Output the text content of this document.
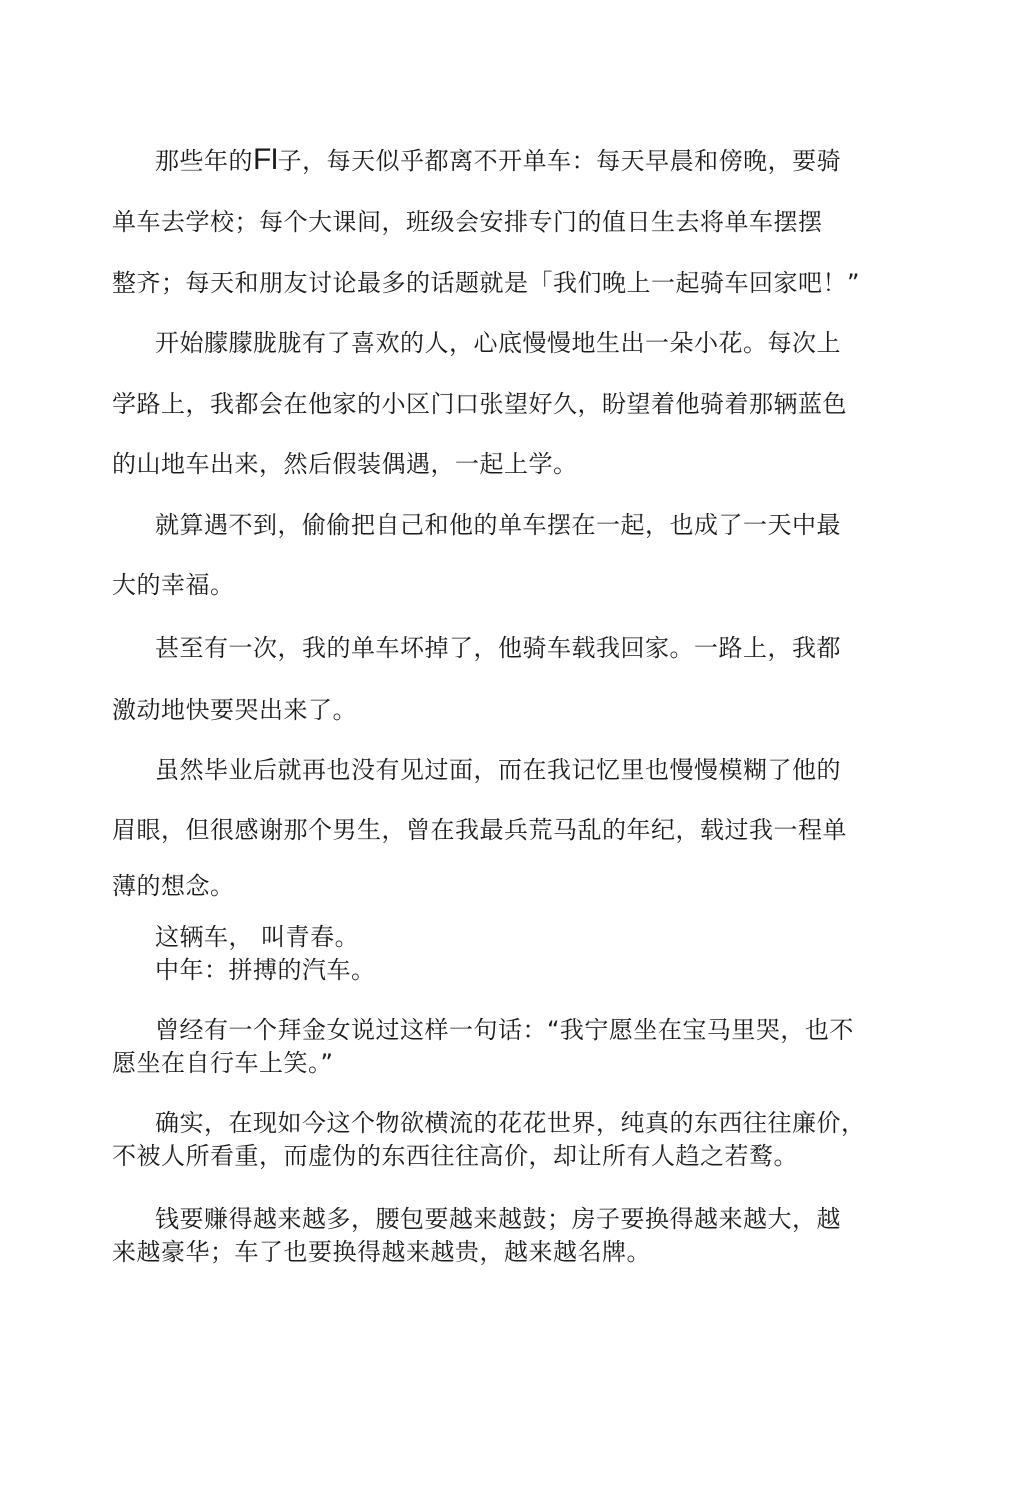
那些年的FI子，每天似乎都离不开单车：每天早晨和傍晚，要骑
单车去学校；每个大课间，班级会安排专门的值日生去将单车摆摆
整齐；每天和朋友讨论最多的话题就是「我们晚上一起骑车回家吧！”
开始朦朦胧胧有了喜欢的人，心底慢慢地生出一朵小花。每次上
学路上，我都会在他家的小区门口张望好久，盼望着他骑着那辆蓝色
的山地车出来，然后假装偶遇，一起上学。
就算遇不到，偷偷把自己和他的单车摆在一起，也成了一天中最
大的幸福。
甚至有一次，我的单车坏掉了，他骑车载我回家。一路上，我都
激动地快要哭出来了。
虽然毕业后就再也没有见过面，而在我记忆里也慢慢模糊了他的
眉眼，但很感谢那个男生，曾在我最兵荒马乱的年纪，载过我一程单
薄的想念。
这辆车， 叫青春。
中年：拼搏的汽车。
曾经有一个拜金女说过这样一句话：“我宁愿坐在宝马里哭，也不
愿坐在自行车上笑。”
确实，在现如今这个物欲横流的花花世界，纯真的东西往往廉价，
不被人所看重，而虚伪的东西往往高价，却让所有人趋之若鹜。
钱要赚得越来越多，腰包要越来越鼓；房子要换得越来越大，越
来越豪华；车了也要换得越来越贵，越来越名牌。
